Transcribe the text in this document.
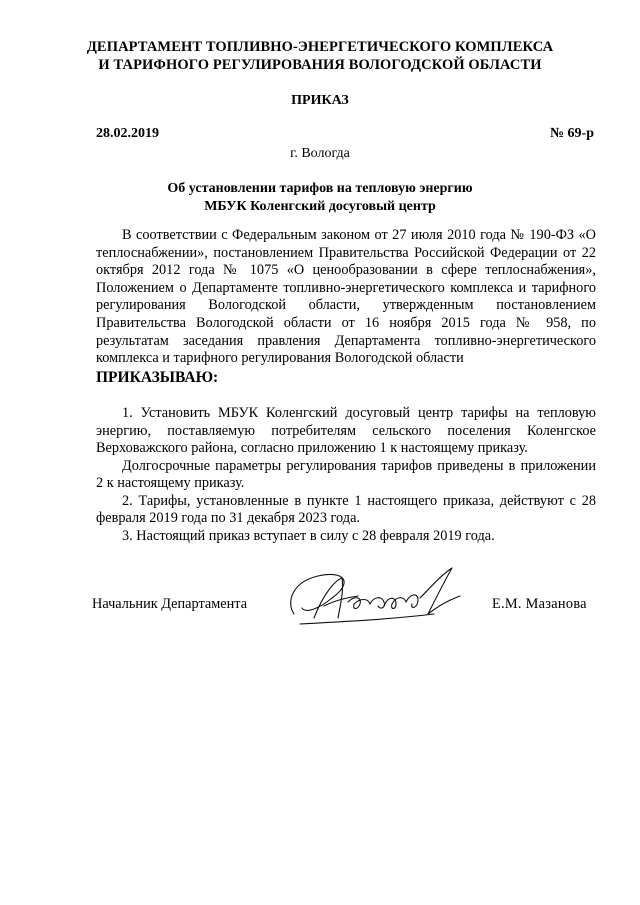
ДЕПАРТАМЕНТ ТОПЛИВНО-ЭНЕРГЕТИЧЕСКОГО КОМПЛЕКСА
И ТАРИФНОГО РЕГУЛИРОВАНИЯ ВОЛОГОДСКОЙ ОБЛАСТИ
ПРИКАЗ
28.02.2019	№ 69-р
г. Вологда
Об установлении тарифов на тепловую энергию
МБУК Коленгский досуговый центр
В соответствии с Федеральным законом от 27 июля 2010 года № 190-ФЗ «О теплоснабжении», постановлением Правительства Российской Федерации от 22 октября 2012 года № 1075 «О ценообразовании в сфере теплоснабжения», Положением о Департаменте топливно-энергетического комплекса и тарифного регулирования Вологодской области, утвержденным постановлением Правительства Вологодской области от 16 ноября 2015 года № 958, по результатам заседания правления Департамента топливно-энергетического комплекса и тарифного регулирования Вологодской области
ПРИКАЗЫВАЮ:

1. Установить МБУК Коленгский досуговый центр тарифы на тепловую энергию, поставляемую потребителям сельского поселения Коленгское Верховажского района, согласно приложению 1 к настоящему приказу.

Долгосрочные параметры регулирования тарифов приведены в приложении 2 к настоящему приказу.

2. Тарифы, установленные в пункте 1 настоящего приказа, действуют с 28 февраля 2019 года по 31 декабря 2023 года.

3. Настоящий приказ вступает в силу с 28 февраля 2019 года.

Начальник Департамента	Е.М. Мазанова
